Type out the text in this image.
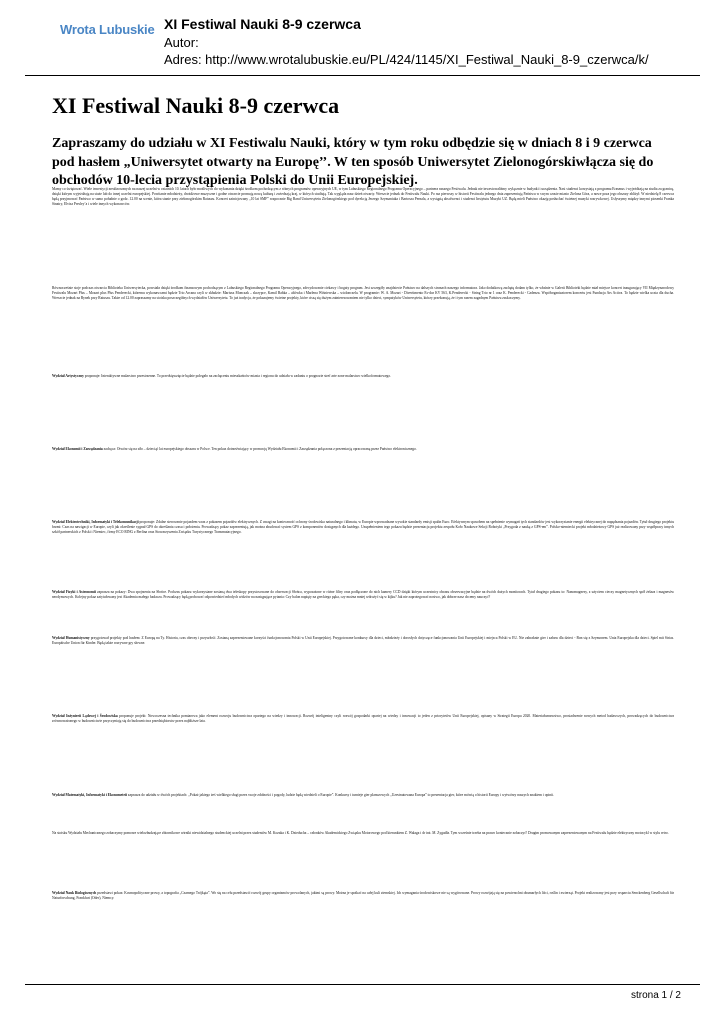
Wrota Lubuskie XI Festiwal Nauki 8-9 czerwca
Autor:
Adres: http://www.wrotalubuskie.eu/PL/424/1145/XI_Festiwal_Nauki_8-9_czerwca/k/
XI Festiwal Nauki 8-9 czerwca

Zapraszamy do udziału w XI Festiwalu Nauki, który w tym roku odbędzie się w dniach 8 i 9 czerwca pod hasłem „Uniwersytet otwarty na Europę’’. W ten sposób Uniwersytet Zielonogórskiwłącza się do obchodów 10-lecia przystąpienia Polski do Unii Europejskiej.

Mamy co świętować. Wiele inwestycji zrealizowanych na naszej uczelni w ostatnich 10. latach było możliwych do wykonania dzięki środkom pochodzącym z różnych programów operacyjnych UE, w tym Lubuskiego Regionalnego Programu Operacyjnego – partnera naszego Festiwalu. Jednak nie inwestowaliśmy wyłącznie w budynki i urządzenia. Nasi studenci korzystają z programu Erasmus i wyjeżdżają na studia za granicę, dzięki którym wyjeżdżają na staże lub do innej uczelni europejskiej. Powitanie młodzieży, drożdżowe muzyczne i godne otwarcie promują nową kulturę i zwiedzają kraj, w których studiują. Tak wygląda nasz dzień otwarty. Wreszcie jednak do Festiwalu Nauki. Po raz pierwszy w historii Festiwalu jednego dnia zaprezentują Państwu w swym czasie miasto Zielona Góra, a nowe poza jego obszary zbliżył. W niedzielę 8 czerwca będą przyjmować Państwo w samo południe o godz. 12.00 na scenie, która stanie przy zielonogórskim Ratuszu. Koncert zainicjowany „10 lat SMF” rozpocznie Big Band Uniwersytetu Zielonogórskiego pod dyrekcją Jerzego Szymaniuka i Bartosza Pernala, a wystąpią absolwenci i studenci Instytutu Muzyki UZ. Będą mieli Państwo okazję posłuchać świetnej muzyki rozrywkowej. Usłyszymy między innymi piosenki Franka Sinatry, Elvisa Presley’a i wiele innych wykonawców.

Równocześnie stoje podczas otwarcia Biblioteka Uniwersytecka, powstała dzięki środkom finansowym pochodzącym z Lubuskiego Regionalnego Programu Operacyjnego, zdecydowanie ciekawy i bogaty program. Jest szczegóły znajdziecie Państwo na dalszych stronach naszego informatora. Jako dodatkową zachętę dodam tylko, że właśnie w Galerii Biblioteki będzie miał miejsce koncert inaugurujący VII Międzynarodowy Festiwalu Mozart Plus – Mozart plus Plus Penderecki, któremu wykonawcami będzie Trio Arcana czyli w składzie: Mariusz Monczak – skrzypce, Kamil Babka – altówka i Marlena Wiśniewska – wiolonczela. W programie: W. A. Mozart - Divertimento Es-dur KV 563, K.Penderecki - String Trio nr 1 oraz K. Penderecki - Cadenza. Współorganizatorem koncertu jest Fundacja Ars Activa. To będzie wielka uczta dla ducha. Wreszcie jednak na Rynek przy Ratuszu. Także od 12.00 zapraszamy na stoiska poszczególnych wydziałów Uniwersytetu. To już tradycja, że pokazujemy świetne projekty, które ciszą się dużym zainteresowaniem nie tylko dzieci, sympatyków Uniwersytetu, którzy przekonują, że i tym razem zagadnym Państwu zaskoczymy.

Wydział Artystyczny proponuje: Interaktywne malarstwo przestrzenne. To przedsięwzięcie będzie polegało na zachęceniu mieszkańców miasta i regionu do udziału w zadaniu o prognozie stref arte zone malarstwo wielkoformatowego.

Wydział Ekonomii i Zarządzania zachęca: Otwórz się na siło – dzieciąć lat europejskiego obszaru w Polsce. Ten pokaz dotrzeźwiający w promocję Wydziału Ekonomii i Zarządzania połączona z prezentacją opracowaną przez Państwo elektronicznego.

Wydział Elektrotechniki, Informatyki i Telekomunikacji proponuje: Zdalne sterowanie pojazdem wraz z pokazem pojazdów elektrycznych. Z uwagi na konieczność ochrony środowiska naturalnego i klimatu, w Europie wprowadzane wysokie standardy emisji spalin Euro. Efektywnym sposobem na spełnienie wymagań tych standardów jest wykorzystanie energii elektrycznej do napędzania pojazdów. Tytuł drugiego projektu brzmi: Czas na nawigacji w Europie, czyli jak określenie sygnał GPS do określania czasu i położenia. Prowadzący pokaz zaprezentują, jak można zbudować system GPS z komponentów dostępnych dla każdego. Uzupełnieniem tego pokazu będzie prezentacja projektu zespołu Koło Naukowe Sekcji Robotyki „Przygoda z nauką z GPS-em”. Polsko-niemiecki projekt młodzieżowy GPS już realizowany przy współpracy innych szkół partnerskich z Polski i Niemiec, firmy ECO RING z Berlina oraz Stowarzyszenia Związku Turystycznego Transmutacyjnego.

Wydział Fizyki i Astronomii zaprasza na pokazy: Dwa spojrzenia na Słońce. Podczas pokazu wykorzystane zostaną dwa teleskopy przystosowane do obserwacji Słońca, wyposażone w różne filtry oraz podłączone do nich kamery CCD dzięki którym uczestnicy obrazu obserwacyjne będzie na dwóch dużych monitorach. Tytuł drugiego pokazu to: Nanomagnesy, z użyciem cieczy magnetycznych spół żelaza i magnesów neodymowych. Kolejny pokaz zatytułowany jest Akademia małego badacza. Prowadzący będą probować odpowiedzieć młodych widzów na następujące pytania: Czy balon napięty na greckiego pęka, czy można mniej wdrożyć się w kijku? Jak nie zaprotegować nosiwo, jak dobrze nasz chcemy nauczyć?

Wydział Humanistyczny przygotował projekty pod hasłem: Z Europą na Ty. Historia, czas obecny i przyszłość. Zostaną zaprezentowane korzyści funkcjonowania Polski w Unii Europejskiej. Przygotowane konkursy dla dzieci, młodzieży i dorosłych dotyczące funkcjonowania Unii Europejskiej i miejsca Polski w EU. Nie zabraknie gier i zabaw dla dzieci - Bon się z Szymonem. Unia Europejska dla dzieci. Spiel mit Strias. Europäische Union für Kinder. Będą także rozrywne gry słowne.

Wydział Inżynierii Lądowej i Środowiska proponuje projekt: Nowoczesna technika pomiarowa jako element rozwoju budownictwa opartego na wiedzy i innowacji. Rozwój inteligentny czyli rozwój gospodarki opartej na wiedzy i innowacji to jeden z priorytetów Unii Europejskiej, opisany w Strategii Europa 2020. Materiałoznawstwo, prosiadrzenie nowych metod badawczych, prowadzących do budownictwa zrównoważonego w budownictwie przyczyniają się do budownictwa przedsiębiorstw przez najbliższe lata.

Wydział Matematyki, Informatyki i Ekonometrii zaprasza do udziału w dwóch projektach: „Pokaż jakiego żeś wielkiego sługi przez swoje zdolności i pogody, ludzie będą wiedzieli o Europie”. Konkursy i turnieje gier planszowych „Uzestnutowana Europa” to prezentacja gier, które mówią o historii Europy i wytwórzy naszych znakiem i opinii.

Na stoisku Wydziału Mechanicznego zobaczymy pomorze wielozbudzające zbiornikowe wirniki niewidzialnego studenckiej uczelni przez studentów M. Kozaka i K. Dzieducha – członków Akademickiego Związku Motorowego pod kierunkiem Z. Walaga i dr inż. M. Zygadła. Tym wcześnie trzeba na prawo koniecznie zobaczyć! Drugim promowanym zaprezentowanym na Festiwalu będzie elektryczny motocykl w stylu retro.

Wydział Nauk Biologicznych przedstawi pokaz: Kosmopolityczne prowy, a topografia „Czarnego Trójkąta”. Wo się na celu przedstawić rozwój grupy organizmów prowolanych, jakimi są prowy. Można je spotkać na całej kuli ziemskiej. Ich wymagania środowiskowe nie są wygórowane. Prowy rozwijają się na powierzchni obumarłych liści, roślin i zwierząt. Projekt realizowany jest przy wsparciu Senckenberg Gesellschaft für Naturforschung, Frankfurt (Oder), Niemcy.

strona 1 / 2
